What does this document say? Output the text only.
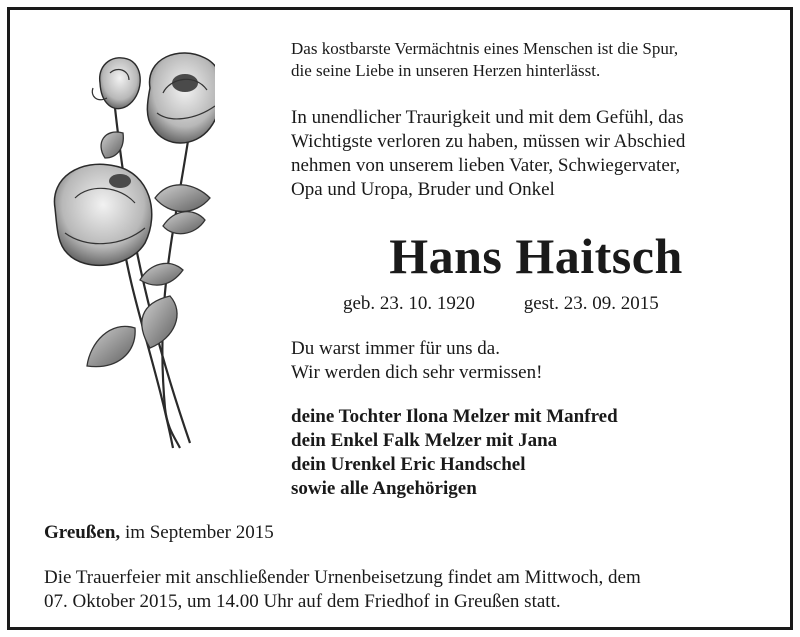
Das kostbarste Vermächtnis eines Menschen ist die Spur,
die seine Liebe in unseren Herzen hinterlässt.
In unendlicher Traurigkeit und mit dem Gefühl, das
Wichtigste verloren zu haben, müssen wir Abschied
nehmen von unserem lieben Vater, Schwiegervater,
Opa und Uropa, Bruder und Onkel
Hans Haitsch
geb. 23. 10. 1920	gest. 23. 09. 2015
Du warst immer für uns da.
Wir werden dich sehr vermissen!
deine Tochter Ilona Melzer mit Manfred
dein Enkel Falk Melzer mit Jana
dein Urenkel Eric Handschel
sowie alle Angehörigen
Greußen, im September 2015
Die Trauerfeier mit anschließender Urnenbeisetzung findet am Mittwoch, dem
07. Oktober 2015, um 14.00 Uhr auf dem Friedhof in Greußen statt.
